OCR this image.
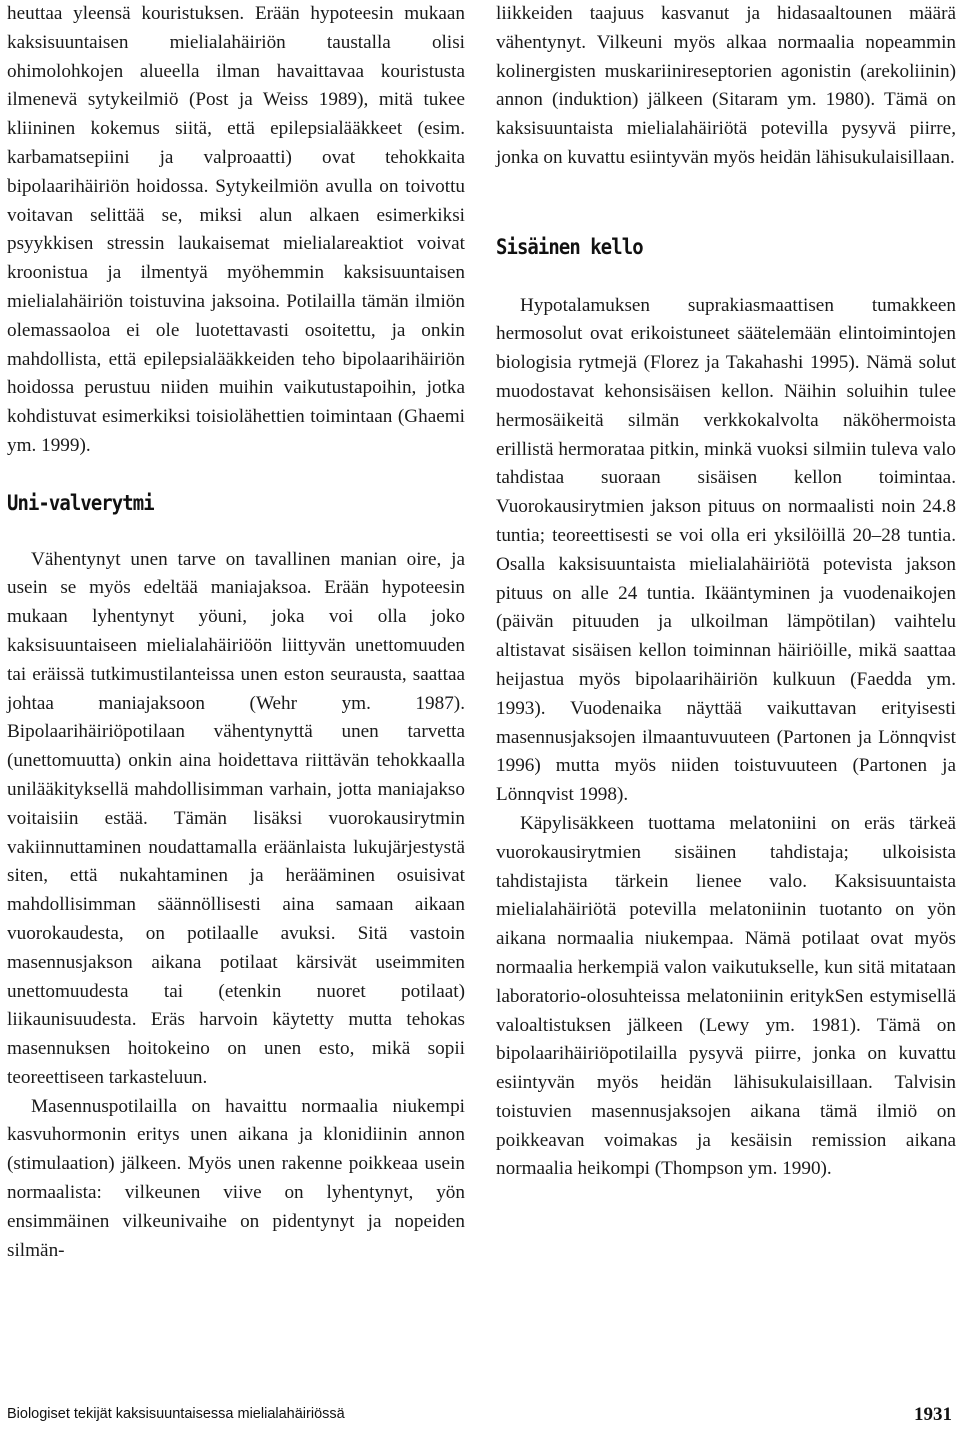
heuttaa yleensä kouristuksen. Erään hypoteesin mukaan kaksisuuntaisen mielialahäiriön taustalla olisi ohimolohkojen alueella ilman havaittavaa kouristusta ilmenevä sytykeilmiö (Post ja Weiss 1989), mitä tukee kliininen kokemus siitä, että epilepsialääkkeet (esim. karbamatsepiini ja valproaatti) ovat tehokkaita bipolaarihäiriön hoidossa. Sytykeilmiön avulla on toivottu voitavan selittää se, miksi alun alkaen esimerkiksi psyykkisen stressin laukaisemat mielialareaktiot voivat kroonistua ja ilmentyä myöhemmin kaksisuuntaisen mielialahäiriön toistuvina jaksoina. Potilailla tämän ilmiön olemassaoloa ei ole luotettavasti osoitettu, ja onkin mahdollista, että epilepsialääkkeiden teho bipolaarihäiriön hoidossa perustuu niiden muihin vaikutustapoihin, jotka kohdistuvat esimerkiksi toisiolähettien toimintaan (Ghaemi ym. 1999).

Uni-valverytmi

Vähentynyt unen tarve on tavallinen manian oire, ja usein se myös edeltää maniajaksoa. Erään hypoteesin mukaan lyhentynyt yöuni, joka voi olla joko kaksisuuntaiseen mielialahäiriöön liittyvän unettomuuden tai eräissä tutkimustilanteissa unen eston seurausta, saattaa johtaa maniajaksoon (Wehr ym. 1987). Bipolaarihäiriöpotilaan vähentynyttä unen tarvetta (unettomuutta) onkin aina hoidettava riittävän tehokkaalla unilääkityksellä mahdollisimman varhain, jotta maniajakso voitaisiin estää. Tämän lisäksi vuorokausirytmin vakiinnuttaminen noudattamalla eräänlaista lukujärjestystä siten, että nukahtaminen ja herääminen osuisivat mahdollisimman säännöllisesti aina samaan aikaan vuorokaudesta, on potilaalle avuksi. Sitä vastoin masennusjakson aikana potilaat kärsivät useimmiten unettomuudesta tai (etenkin nuoret potilaat) liikaunisuudesta. Eräs harvoin käytetty mutta tehokas masennuksen hoitokeino on unen esto, mikä sopii teoreettiseen tarkasteluun.

Masennuspotilailla on havaittu normaalia niukempi kasvuhormonin eritys unen aikana ja klonidiinin annon (stimulaation) jälkeen. Myös unen rakenne poikkeaa usein normaalista: vilkeunen viive on lyhentynyt, yön ensimmäinen vilkeunivaihe on pidentynyt ja nopeiden silmän-

liikkeiden taajuus kasvanut ja hidasaaltounen määrä vähentynyt. Vilkeuni myös alkaa normaalia nopeammin kolinergisten muskariinireseptorien agonistin (arekoliinin) annon (induktion) jälkeen (Sitaram ym. 1980). Tämä on kaksisuuntaista mielialahäiriötä potevilla pysyvä piirre, jonka on kuvattu esiintyvän myös heidän lähisukulaisillaan.

Sisäinen kello

Hypotalamuksen suprakiasmaattisen tumakkeen hermosolut ovat erikoistuneet säätelemään elintoimintojen biologisia rytmejä (Florez ja Takahashi 1995). Nämä solut muodostavat kehonsisäisen kellon. Näihin soluihin tulee hermosäikeitä silmän verkkokalvolta näköhermoista erillistä hermorataa pitkin, minkä vuoksi silmiin tuleva valo tahdistaa suoraan sisäisen kellon toimintaa. Vuorokausirytmien jakson pituus on normaalisti noin 24.8 tuntia; teoreettisesti se voi olla eri yksilöillä 20–28 tuntia. Osalla kaksisuuntaista mielialahäiriötä potevista jakson pituus on alle 24 tuntia. Ikääntyminen ja vuodenaikojen (päivän pituuden ja ulkoilman lämpötilan) vaihtelu altistavat sisäisen kellon toiminnan häiriöille, mikä saattaa heijastua myös bipolaarihäiriön kulkuun (Faedda ym. 1993). Vuodenaika näyttää vaikuttavan erityisesti masennusjaksojen ilmaantuvuuteen (Partonen ja Lönnqvist 1996) mutta myös niiden toistuvuuteen (Partonen ja Lönnqvist 1998).

Käpylisäkkeen tuottama melatoniini on eräs tärkeä vuorokausirytmien sisäinen tahdistaja; ulkoisista tahdistajista tärkein lienee valo. Kaksisuuntaista mielialahäiriötä potevilla melatoniinin tuotanto on yön aikana normaalia niukempaa. Nämä potilaat ovat myös normaalia herkempiä valon vaikutukselle, kun sitä mitataan laboratorio-olosuhteissa melatoniinin eritykSen estymisellä valoaltistuksen jälkeen (Lewy ym. 1981). Tämä on bipolaarihäiriöpotilailla pysyvä piirre, jonka on kuvattu esiintyvän myös heidän lähisukulaisillaan. Talvisin toistuvien masennusjaksojen aikana tämä ilmiö on poikkeavan voimakas ja kesäisin remission aikana normaalia heikompi (Thompson ym. 1990).

Biologiset tekijät kaksisuuntaisessa mielialahäiriössä	1931
